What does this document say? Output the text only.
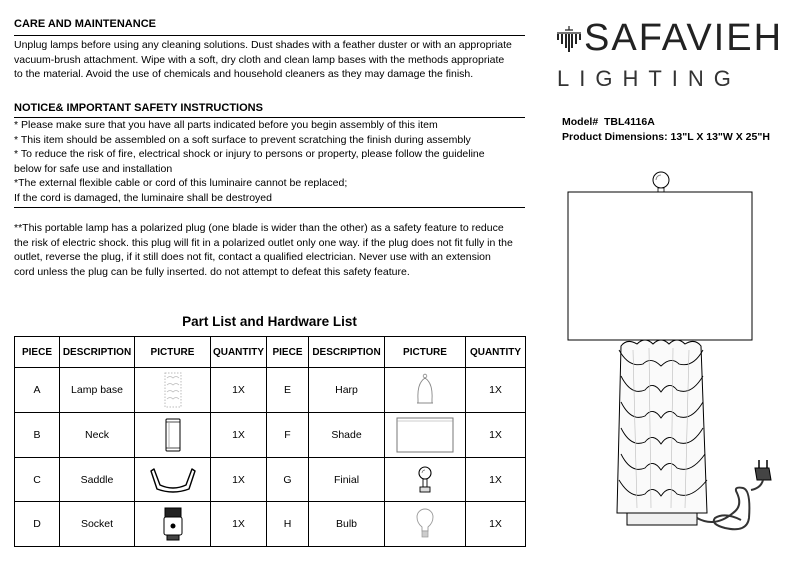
CARE AND MAINTENANCE
Unplug lamps before using any cleaning solutions. Dust shades with a feather duster or with an appropriate
vacuum-brush attachment. Wipe with a soft, dry cloth and clean lamp bases with the methods appropriate
to the material. Avoid the use of chemicals and household cleaners as they may damage the finish.
NOTICE& IMPORTANT SAFETY INSTRUCTIONS
* Please make sure that you have all parts indicated before you begin assembly of this item
* This item should be assembled on a soft surface to prevent scratching the finish during assembly
* To reduce the risk of fire, electrical shock or injury to persons or property, please follow the guideline
below for safe use and installation
*The external flexible cable or cord of this luminaire cannot be replaced;
If the cord is damaged, the luminaire shall be destroyed
**This portable lamp has a polarized plug (one blade is wider than the other) as a safety feature to reduce
the risk of electric shock. this plug will fit in a polarized outlet only one way. if the plug does not fit fully in the
outlet, reverse the plug, if it still does not fit, contact a qualified electrician. Never use with an extension
cord unless the plug can be fully inserted. do not attempt to defeat this safety feature.
Part List and Hardware List
PIECE	DESCRIPTION	PICTURE	QUANTITY	PIECE	DESCRIPTION	PICTURE	QUANTITY
A	Lamp base		1X	E	Harp		1X
B	Neck		1X	F	Shade		1X
C	Saddle		1X	G	Finial		1X
D	Socket		1X	H	Bulb		1X
SAFAVIEH
LIGHTING
Model# TBL4116A
Product Dimensions: 13"L X 13"W X 25"H
